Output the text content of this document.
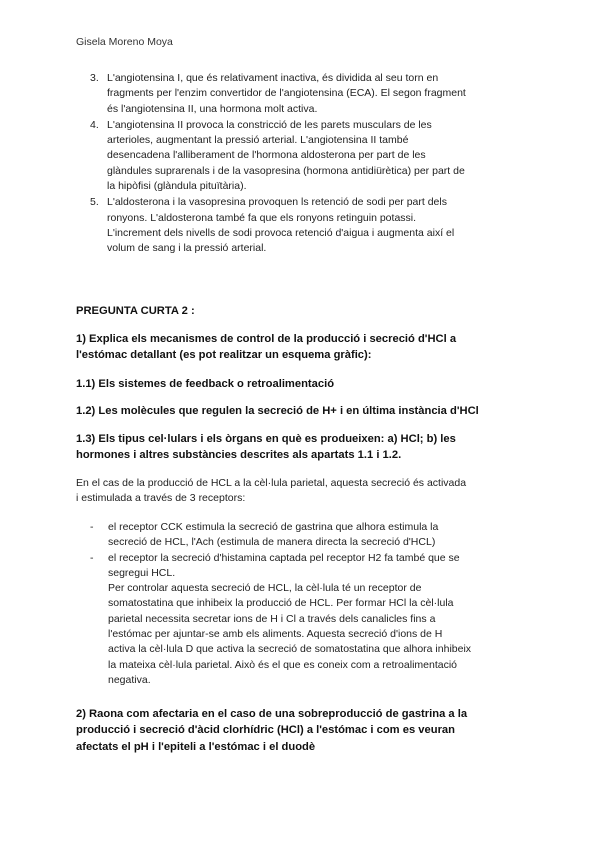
Gisela Moreno Moya
3. L'angiotensina I, que és relativament inactiva, és dividida al seu torn en
fragments per l'enzim convertidor de l'angiotensina (ECA). El segon fragment
és l'angiotensina II, una hormona molt activa.
4. L'angiotensina II provoca la constricció de les parets musculars de les
arterioles, augmentant la pressió arterial. L'angiotensina II també
desencadena l'alliberament de l'hormona aldosterona per part de les
glàndules suprarenals i de la vasopresina (hormona antidiürètica) per part de
la hipòfisi (glàndula pituïtària).
5. L'aldosterona i la vasopresina provoquen ls retenció de sodi per part dels
ronyons. L'aldosterona també fa que els ronyons retinguin potassi.
L'increment dels nivells de sodi provoca retenció d'aigua i augmenta així el
volum de sang i la pressió arterial.
PREGUNTA CURTA 2 :
1) Explica els mecanismes de control de la producció i secreció d'HCl a
l'estómac detallant (es pot realitzar un esquema gràfic):
1.1) Els sistemes de feedback o retroalimentació
1.2) Les molècules que regulen la secreció de H+ i en última instància d'HCl
1.3) Els tipus cel·lulars i els òrgans en què es produeixen: a) HCl; b) les
hormones i altres substàncies descrites als apartats 1.1 i 1.2.
En el cas de la producció de HCL a la cèl·lula parietal, aquesta secreció és activada
i estimulada a través de 3 receptors:
- el receptor CCK estimula la secreció de gastrina que alhora estimula la
secreció de HCL, l'Ach (estimula de manera directa la secreció d'HCL)
- el receptor la secreció d'histamina captada pel receptor H2 fa també que se
segregui HCL.
Per controlar aquesta secreció de HCL, la cèl·lula té un receptor de
somatostatina que inhibeix la producció de HCL. Per formar HCl la cèl·lula
parietal necessita secretar ions de H i Cl a través dels canalicles fins a
l'estómac per ajuntar-se amb els aliments. Aquesta secreció d'ions de H
activa la cèl·lula D que activa la secreció de somatostatina que alhora inhibeix
la mateixa cèl·lula parietal. Això és el que es coneix com a retroalimentació
negativa.
2) Raona com afectaria en el caso de una sobreproducció de gastrina a la
producció i secreció d'àcid clorhídric (HCl) a l'estómac i com es veuran
afectats el pH i l'epiteli a l'estómac i el duodè
